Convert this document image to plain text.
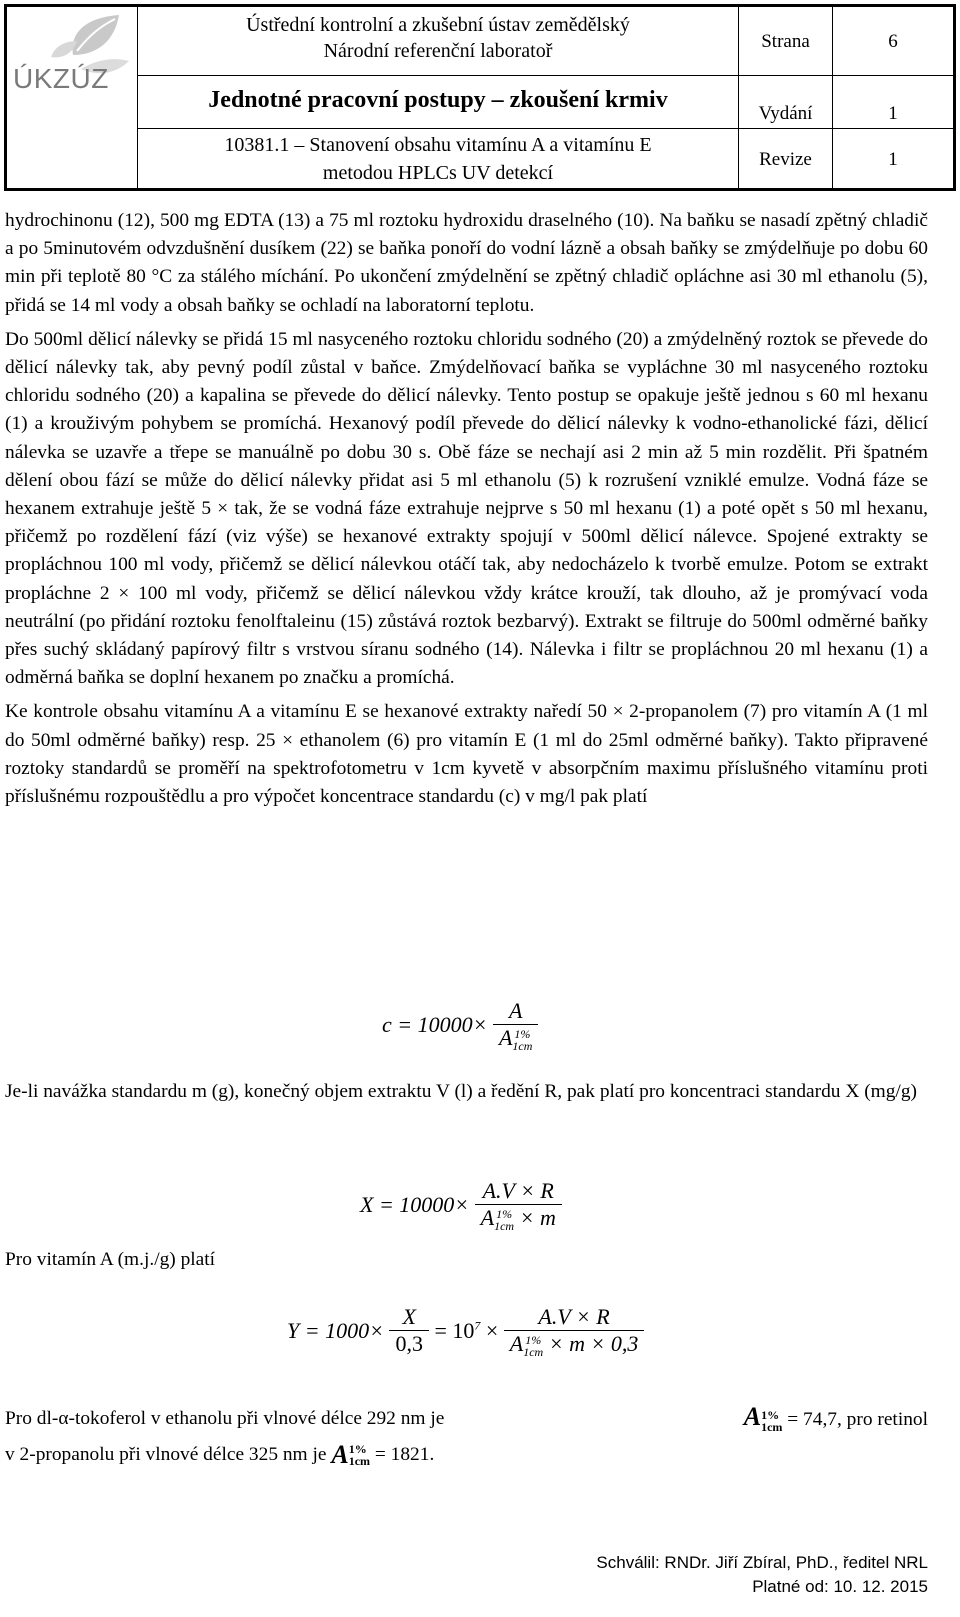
ÚKZÚZ
Ústřední kontrolní a zkušební ústav zemědělský
Národní referenční laboratoř
Jednotné pracovní postupy – zkoušení krmiv
10381.1 – Stanovení obsahu vitamínu A a vitamínu E
metodou HPLCs UV detekcí
Strana	6
Vydání	1
Revize	1

hydrochinonu (12), 500 mg EDTA (13) a 75 ml roztoku hydroxidu draselného (10). Na baňku se nasadí zpětný chladič a po 5minutovém odvzdušnění dusíkem (22) se baňka ponoří do vodní lázně a obsah baňky se zmýdelňuje po dobu 60 min při teplotě 80 °C za stálého míchání. Po ukončení zmýdelnění se zpětný chladič opláchne asi 30 ml ethanolu (5), přidá se 14 ml vody a obsah baňky se ochladí na laboratorní teplotu.

Do 500ml dělicí nálevky se přidá 15 ml nasyceného roztoku chloridu sodného (20) a zmýdelněný roztok se převede do dělicí nálevky tak, aby pevný podíl zůstal v baňce. Zmýdelňovací baňka se vypláchne 30 ml nasyceného roztoku chloridu sodného (20) a kapalina se převede do dělicí nálevky. Tento postup se opakuje ještě jednou s 60 ml hexanu (1) a krouživým pohybem se promíchá. Hexanový podíl převede do dělicí nálevky k vodno-ethanolické fázi, dělicí nálevka se uzavře a třepe se manuálně po dobu 30 s. Obě fáze se nechají asi 2 min až 5 min rozdělit. Při špatném dělení obou fází se může do dělicí nálevky přidat asi 5 ml ethanolu (5) k rozrušení vzniklé emulze. Vodná fáze se hexanem extrahuje ještě 5 × tak, že se vodná fáze extrahuje nejprve s 50 ml hexanu (1) a poté opět s 50 ml hexanu, přičemž po rozdělení fází (viz výše) se hexanové extrakty spojují v 500ml dělicí nálevce. Spojené extrakty se propláchnou 100 ml vody, přičemž se dělicí nálevkou otáčí tak, aby nedocházelo k tvorbě emulze. Potom se extrakt propláchne 2 × 100 ml vody, přičemž se dělicí nálevkou vždy krátce krouží, tak dlouho, až je promývací voda neutrální (po přidání roztoku fenolftaleinu (15) zůstává roztok bezbarvý). Extrakt se filtruje do 500ml odměrné baňky přes suchý skládaný papírový filtr s vrstvou síranu sodného (14). Nálevka i filtr se propláchnou 20 ml hexanu (1) a odměrná baňka se doplní hexanem po značku a promíchá.

Ke kontrole obsahu vitamínu A a vitamínu E se hexanové extrakty naředí 50 × 2-propanolem (7) pro vitamín A (1 ml do 50ml odměrné baňky) resp. 25 × ethanolem (6) pro vitamín E (1 ml do 25ml odměrné baňky). Takto připravené roztoky standardů se proměří na spektrofotometru v 1cm kyvetě v absorpčním maximu příslušného vitamínu proti příslušnému rozpouštědlu a pro výpočet koncentrace standardu (c) v mg/l pak platí

c = 10000× A
A 1%
1cm

Je-li navážka standardu m (g), konečný objem extraktu V (l) a ředění R, pak platí pro koncentraci standardu X (mg/g)

X = 10000× A.V × R
A 1%
1cm × m

Pro vitamín A (m.j./g) platí

$Y = 1000\times \frac{X}{0,3} = 10^7 \times A.V \times R$
A 1%
1cm × m × 0,3
Pro dl-α-tokoferol v ethanolu při vlnové délce 292 nm je	A 1%
1cm = 74,7, pro retinol
v 2-propanolu při vlnové délce 325 nm je
A 1%
1cm
= 1821.
Schválil: RNDr. Jiří Zbíral, PhD., ředitel NRL
Platné od: 10. 12. 2015
